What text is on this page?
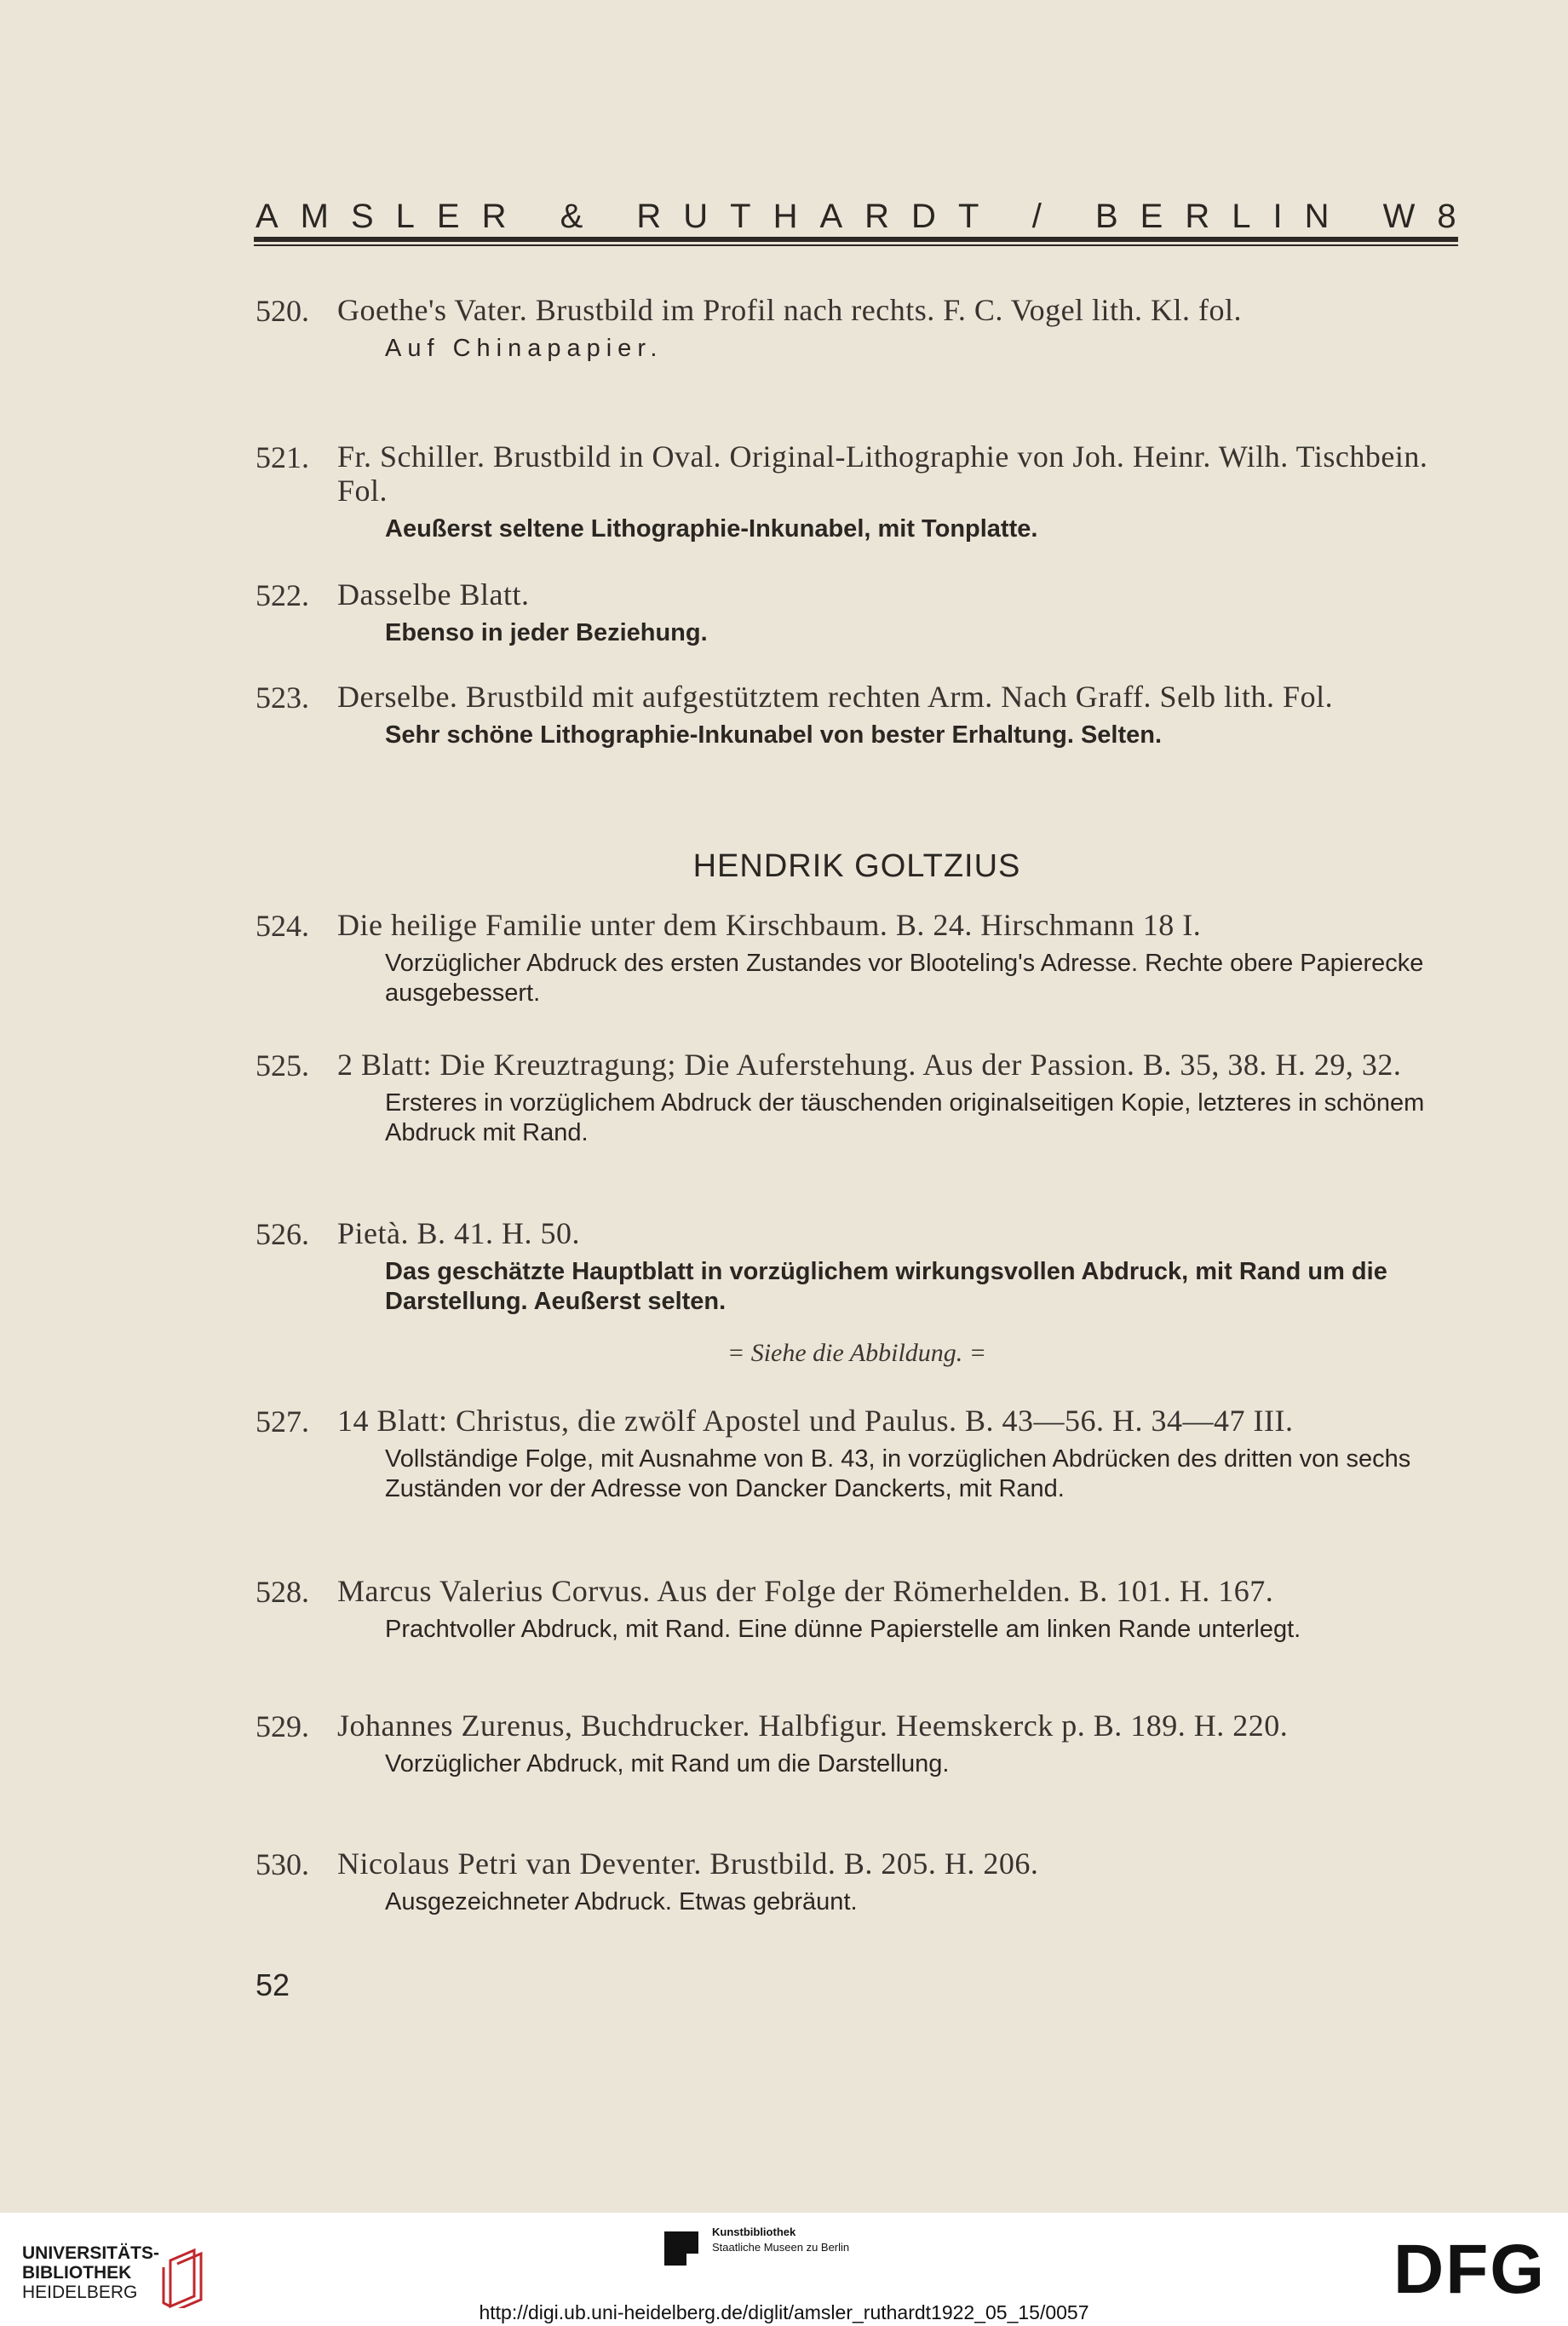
AMSLER & RUTHARDT / BERLIN W8
520. Goethe's Vater. Brustbild im Profil nach rechts. F. C. Vogel lith. Kl. fol.
Auf Chinapapier.
521. Fr. Schiller. Brustbild in Oval. Original-Lithographie von Joh. Heinr. Wilh. Tischbein. Fol.
Aeußerst seltene Lithographie-Inkunabel, mit Tonplatte.
522. Dasselbe Blatt.
Ebenso in jeder Beziehung.
523. Derselbe. Brustbild mit aufgestütztem rechten Arm. Nach Graff. Selb lith. Fol.
Sehr schöne Lithographie-Inkunabel von bester Erhaltung. Selten.
HENDRIK GOLTZIUS
524. Die heilige Familie unter dem Kirschbaum. B. 24. Hirschmann 18 I.
Vorzüglicher Abdruck des ersten Zustandes vor Blooteling's Adresse. Rechte obere Papierecke ausgebessert.
525. 2 Blatt: Die Kreuztragung; Die Auferstehung. Aus der Passion. B. 35, 38. H. 29, 32.
Ersteres in vorzüglichem Abdruck der täuschenden originalseitigen Kopie, letzteres in schönem Abdruck mit Rand.
526. Pietà. B. 41. H. 50.
Das geschätzte Hauptblatt in vorzüglichem wirkungsvollen Abdruck, mit Rand um die Darstellung. Aeußerst selten.
= Siehe die Abbildung. =
527. 14 Blatt: Christus, die zwölf Apostel und Paulus. B. 43—56. H. 34—47 III.
Vollständige Folge, mit Ausnahme von B. 43, in vorzüglichen Abdrücken des dritten von sechs Zuständen vor der Adresse von Dancker Danckerts, mit Rand.
528. Marcus Valerius Corvus. Aus der Folge der Römerhelden. B. 101. H. 167.
Prachtvoller Abdruck, mit Rand. Eine dünne Papierstelle am linken Rande unterlegt.
529. Johannes Zurenus, Buchdrucker. Halbfigur. Heemskerck p. B. 189. H. 220.
Vorzüglicher Abdruck, mit Rand um die Darstellung.
530. Nicolaus Petri van Deventer. Brustbild. B. 205. H. 206.
Ausgezeichneter Abdruck. Etwas gebräunt.
52
UNIVERSITÄTS-
BIBLIOTHEK
HEIDELBERG
Kunstbibliothek
Staatliche Museen zu Berlin	DFG
http://digi.ub.uni-heidelberg.de/diglit/amsler_ruthardt1922_05_15/0057
